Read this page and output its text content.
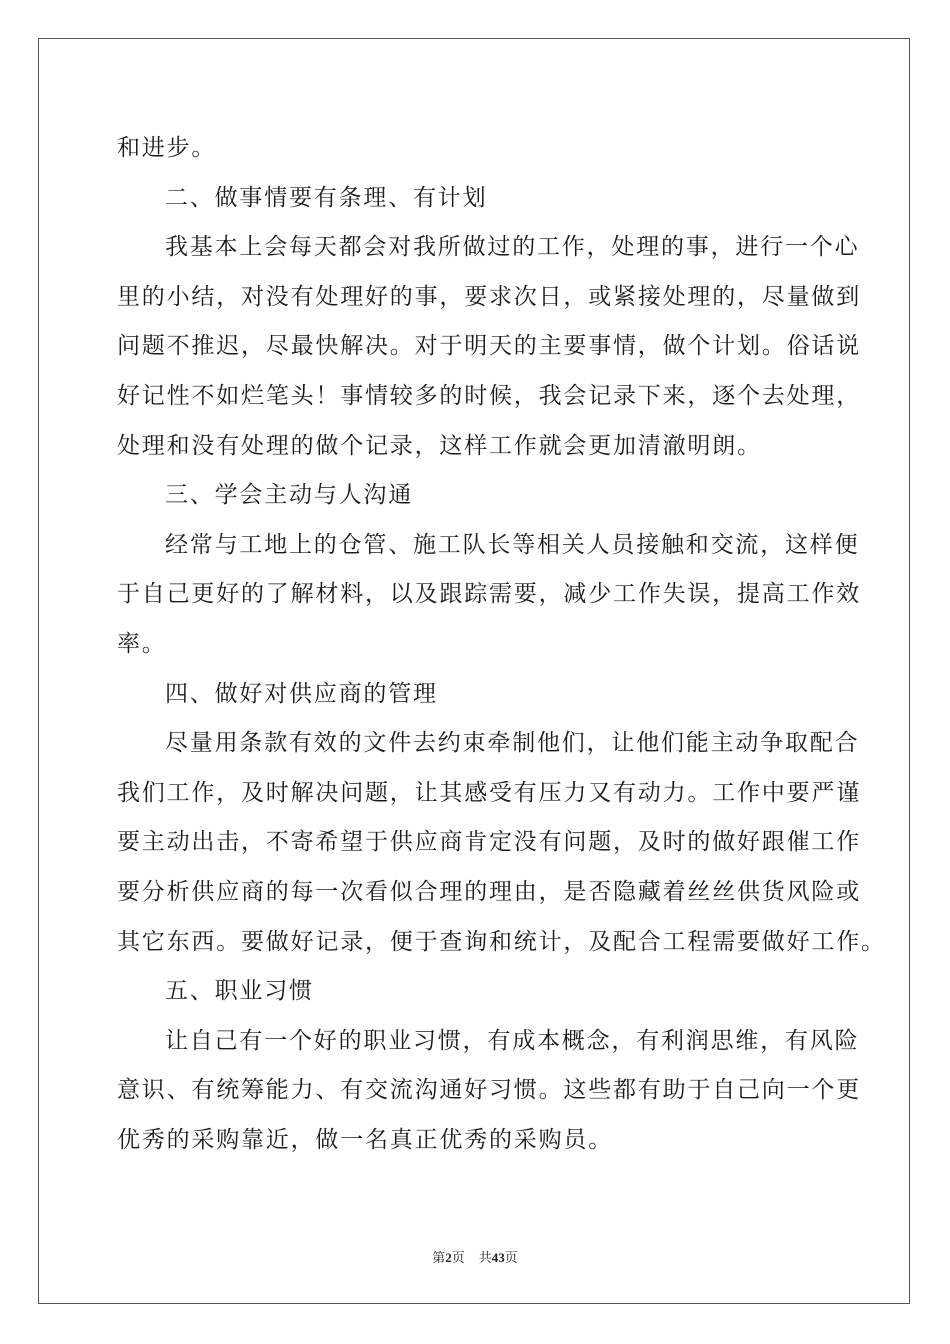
和进步。

二、做事情要有条理、有计划

我基本上会每天都会对我所做过的工作，处理的事，进行一个心

里的小结，对没有处理好的事，要求次日，或紧接处理的，尽量做到

问题不推迟，尽最快解决。对于明天的主要事情，做个计划。俗话说

好记性不如烂笔头！事情较多的时候，我会记录下来，逐个去处理，

处理和没有处理的做个记录，这样工作就会更加清澈明朗。

三、学会主动与人沟通

经常与工地上的仓管、施工队长等相关人员接触和交流，这样便

于自己更好的了解材料，以及跟踪需要，减少工作失误，提高工作效

率。

四、做好对供应商的管理

尽量用条款有效的文件去约束牵制他们，让他们能主动争取配合

我们工作，及时解决问题，让其感受有压力又有动力。工作中要严谨

要主动出击，不寄希望于供应商肯定没有问题，及时的做好跟催工作

要分析供应商的每一次看似合理的理由，是否隐藏着丝丝供货风险或

其它东西。要做好记录，便于查询和统计，及配合工程需要做好工作。

五、职业习惯

让自己有一个好的职业习惯，有成本概念，有利润思维，有风险

意识、有统筹能力、有交流沟通好习惯。这些都有助于自己向一个更

优秀的采购靠近，做一名真正优秀的采购员。

第2页 共43页
